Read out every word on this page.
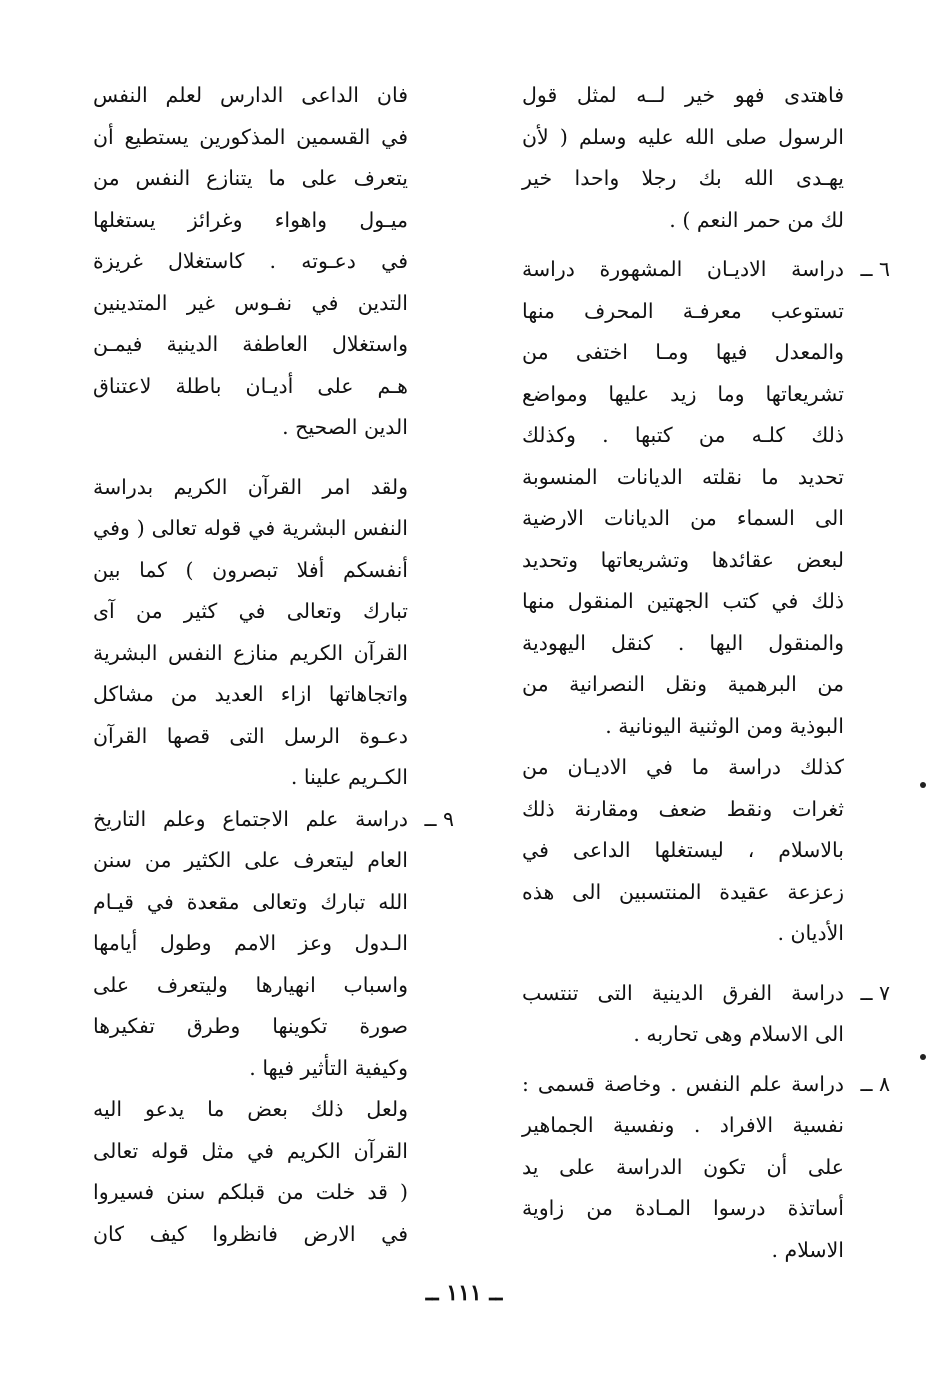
فاهتدى فهو خير لــه لمثل قول
الرسول صلى الله عليه وسلم ( لأن
يهـدى الله بك رجلا واحدا خير
لك من حمر النعم ) .
٦ ــ
دراسة الاديـان المشهورة دراسة
تستوعب معرفـة المحرف منها
والمعدل فيها ومـا اختفى من
تشريعاتها وما زيد عليها ومواضع
ذلك كلـه من كتبها . وكذلك
تحديد ما نقلته الديانات المنسوبة
الى السماء من الديانات الارضية
لبعض عقائدها وتشريعاتها وتحديد
ذلك في كتب الجهتين المنقول منها
والمنقول اليها . كنقل اليهودية
من البرهمية ونقل النصرانية من
البوذية ومن الوثنية اليونانية .
كذلك دراسة ما في الاديـان من
ثغرات ونقط ضعف ومقارنة ذلك
بالاسلام ، ليستغلها الداعى في
زعزعة عقيدة المنتسبين الى هذه
الأديان .
٧ ــ
دراسة الفرق الدينية التى تنتسب
الى الاسلام وهى تحاربه .
٨ ــ
دراسة علم النفس . وخاصة قسمى :
نفسية الافراد . ونفسية الجماهير
على أن تكون الدراسة على يد
أساتذة درسوا المـادة من زاوية
الاسلام .
فان الداعى الدارس لعلم النفس
في القسمين المذكورين يستطيع أن
يتعرف على ما يتنازع النفس من
ميـول واهواء وغرائز يستغلها
في دعـوته . كاستغلال غريزة
التدين في نفـوس غير المتدينين
واستغلال العاطفة الدينية فيمـن
هـم على أديـان باطلة لاعتناق
الدين الصحيح .
ولقد امر القرآن الكريم بدراسة
النفس البشرية في قوله تعالى ( وفي
أنفسكم أفلا تبصرون ) كما بين
تبارك وتعالى في كثير من آى
القرآن الكريم منازع النفس البشرية
واتجاهاتها ازاء العديد من مشاكل
دعـوة الرسل التى قصها القرآن
الكـريم علينا .
٩ ــ
دراسة علم الاجتماع وعلم التاريخ
العام ليتعرف على الكثير من سنن
الله تبارك وتعالى مقعدة في قيـام
الـدول وعز الامم وطول أيامها
واسباب انهيارها وليتعرف على
صورة تكوينها وطرق تفكيرها
وكيفية التأثير فيها .
ولعل ذلك بعض ما يدعو اليه
القرآن الكريم في مثل قوله تعالى
( قد خلت من قبلكم سنن فسيروا
في الارض فانظروا كيف كان
ــ ١١١ ــ
